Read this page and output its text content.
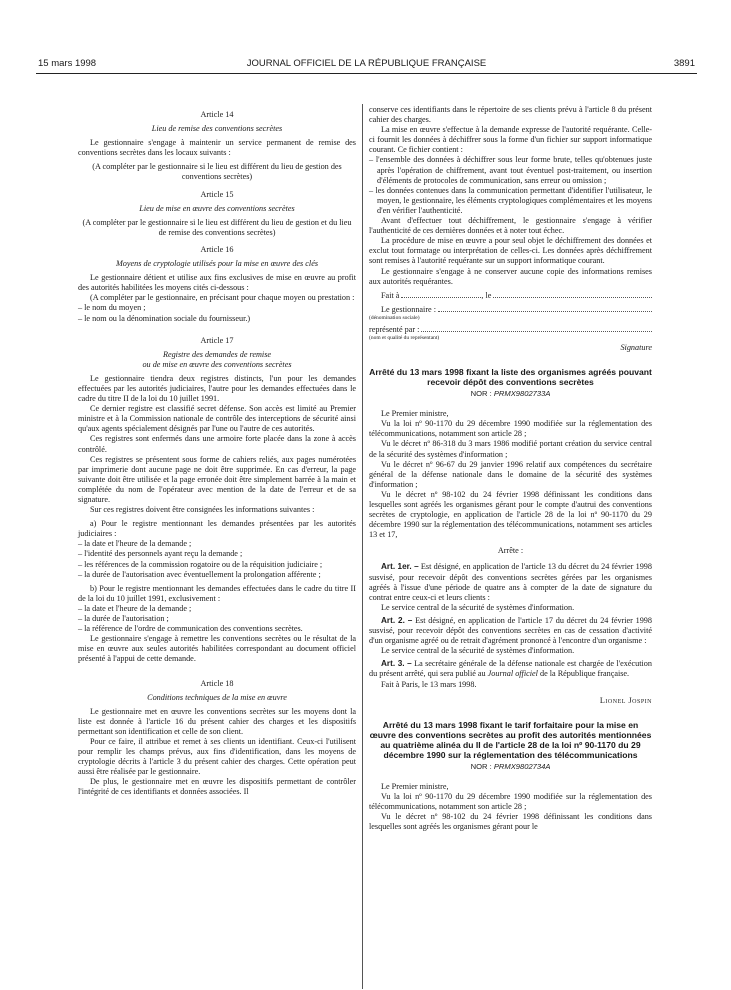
15 mars 1998	JOURNAL OFFICIEL DE LA RÉPUBLIQUE FRANÇAISE	3891

Article 14

Lieu de remise des conventions secrètes

Le gestionnaire s'engage à maintenir un service permanent de remise des conventions secrètes dans les locaux suivants :

(A compléter par le gestionnaire si le lieu est différent du lieu de gestion des conventions secrètes)

Article 15

Lieu de mise en œuvre des conventions secrètes

(A compléter par le gestionnaire si le lieu est différent du lieu de gestion et du lieu de remise des conventions secrètes)

Article 16

Moyens de cryptologie utilisés pour la mise en œuvre des clés

Le gestionnaire détient et utilise aux fins exclusives de mise en œuvre au profit des autorités habilitées les moyens cités ci-dessous :

(A compléter par le gestionnaire, en précisant pour chaque moyen ou prestation :

– le nom du moyen ;

– le nom ou la dénomination sociale du fournisseur.)

Article 17

Registre des demandes de remise

ou de mise en œuvre des conventions secrètes

Le gestionnaire tiendra deux registres distincts, l'un pour les demandes effectuées par les autorités judiciaires, l'autre pour les demandes effectuées dans le cadre du titre II de la loi du 10 juillet 1991.

Ce dernier registre est classifié secret défense. Son accès est limité au Premier ministre et à la Commission nationale de contrôle des interceptions de sécurité ainsi qu'aux agents spécialement désignés par l'une ou l'autre de ces autorités.

Ces registres sont enfermés dans une armoire forte placée dans la zone à accès contrôlé.

Ces registres se présentent sous forme de cahiers reliés, aux pages numérotées par imprimerie dont aucune page ne doit être supprimée. En cas d'erreur, la page suivante doit être utilisée et la page erronée doit être simplement barrée à la main et complétée du nom de l'opérateur avec mention de la date de l'erreur et de sa signature.

Sur ces registres doivent être consignées les informations suivantes :

a) Pour le registre mentionnant les demandes présentées par les autorités judiciaires :

– la date et l'heure de la demande ;

– l'identité des personnels ayant reçu la demande ;

– les références de la commission rogatoire ou de la réquisition judiciaire ;

– la durée de l'autorisation avec éventuellement la prolongation afférente ;

b) Pour le registre mentionnant les demandes effectuées dans le cadre du titre II de la loi du 10 juillet 1991, exclusivement :

– la date et l'heure de la demande ;

– la durée de l'autorisation ;

– la référence de l'ordre de communication des conventions secrètes.

Le gestionnaire s'engage à remettre les conventions secrètes ou le résultat de la mise en œuvre aux seules autorités habilitées correspondant au document officiel présenté à l'appui de cette demande.

Article 18

Conditions techniques de la mise en œuvre

Le gestionnaire met en œuvre les conventions secrètes sur les moyens dont la liste est donnée à l'article 16 du présent cahier des charges et les dispositifs permettant son identification et celle de son client.

Pour ce faire, il attribue et remet à ses clients un identifiant. Ceux-ci l'utilisent pour remplir les champs prévus, aux fins d'identification, dans les moyens de cryptologie décrits à l'article 3 du présent cahier des charges. Cette opération peut aussi être réalisée par le gestionnaire.

De plus, le gestionnaire met en œuvre les dispositifs permettant de contrôler l'intégrité de ces identifiants et données associées. Il

conserve ces identifiants dans le répertoire de ses clients prévu à l'article 8 du présent cahier des charges.

La mise en œuvre s'effectue à la demande expresse de l'autorité requérante. Celle-ci fournit les données à déchiffrer sous la forme d'un fichier sur support informatique courant. Ce fichier contient :

– l'ensemble des données à déchiffrer sous leur forme brute, telles qu'obtenues juste après l'opération de chiffrement, avant tout éventuel post-traitement, ou insertion d'éléments de protocoles de communication, sans erreur ou omission ;

– les données contenues dans la communication permettant d'identifier l'utilisateur, le moyen, le gestionnaire, les éléments cryptologiques complémentaires et les moyens d'en vérifier l'authenticité.

Avant d'effectuer tout déchiffrement, le gestionnaire s'engage à vérifier l'authenticité de ces dernières données et à noter tout échec.

La procédure de mise en œuvre a pour seul objet le déchiffrement des données et exclut tout formatage ou interprétation de celles-ci. Les données après déchiffrement sont remises à l'autorité requérante sur un support informatique courant.

Le gestionnaire s'engage à ne conserver aucune copie des informations remises aux autorités requérantes.

Fait à	, le
Le gestionnaire :

(dénomination sociale)

représenté par :

(nom et qualité du représentant)

Signature

Arrêté du 13 mars 1998 fixant la liste des organismes agréés pouvant recevoir dépôt des conventions secrètes

NOR : PRMX9802733A

Le Premier ministre,

Vu la loi nº 90-1170 du 29 décembre 1990 modifiée sur la réglementation des télécommunications, notamment son article 28 ;

Vu le décret nº 86-318 du 3 mars 1986 modifié portant création du service central de la sécurité des systèmes d'information ;

Vu le décret nº 96-67 du 29 janvier 1996 relatif aux compétences du secrétaire général de la défense nationale dans le domaine de la sécurité des systèmes d'information ;

Vu le décret nº 98-102 du 24 février 1998 définissant les conditions dans lesquelles sont agréés les organismes gérant pour le compte d'autrui des conventions secrètes de cryptologie, en application de l'article 28 de la loi nº 90-1170 du 29 décembre 1990 sur la réglementation des télécommunications, notamment ses articles 13 et 17,

Arrête :

Art. 1er. – Est désigné, en application de l'article 13 du décret du 24 février 1998 susvisé, pour recevoir dépôt des conventions secrètes gérées par les organismes agréés à l'issue d'une période de quatre ans à compter de la date de signature du contrat entre ceux-ci et leurs clients :

Le service central de la sécurité de systèmes d'information.

Art. 2. – Est désigné, en application de l'article 17 du décret du 24 février 1998 susvisé, pour recevoir dépôt des conventions secrètes en cas de cessation d'activité d'un organisme agréé ou de retrait d'agrément prononcé à l'encontre d'un organisme :

Le service central de la sécurité de systèmes d'information.

Art. 3. – La secrétaire générale de la défense nationale est chargée de l'exécution du présent arrêté, qui sera publié au Journal officiel de la République française.

Fait à Paris, le 13 mars 1998.

Lionel Jospin

Arrêté du 13 mars 1998 fixant le tarif forfaitaire pour la mise en œuvre des conventions secrètes au profit des autorités mentionnées au quatrième alinéa du II de l'article 28 de la loi nº 90-1170 du 29 décembre 1990 sur la réglementation des télécommunications

NOR : PRMX9802734A

Le Premier ministre,

Vu la loi nº 90-1170 du 29 décembre 1990 modifiée sur la réglementation des télécommunications, notamment son article 28 ;

Vu le décret nº 98-102 du 24 février 1998 définissant les conditions dans lesquelles sont agréés les organismes gérant pour le
